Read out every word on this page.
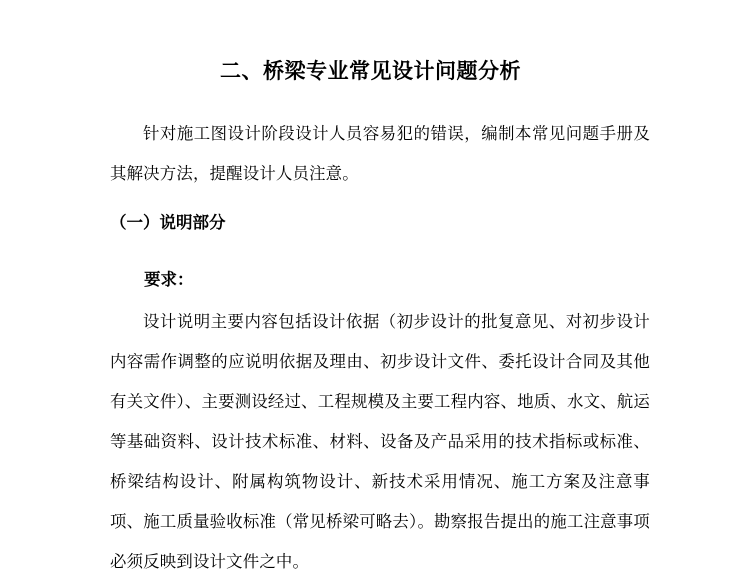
二、桥梁专业常见设计问题分析

针对施工图设计阶段设计人员容易犯的错误，编制本常见问题手册及其解决方法，提醒设计人员注意。

（一）说明部分

要求：

设计说明主要内容包括设计依据（初步设计的批复意见、对初步设计内容需作调整的应说明依据及理由、初步设计文件、委托设计合同及其他有关文件）、主要测设经过、工程规模及主要工程内容、地质、水文、航运等基础资料、设计技术标准、材料、设备及产品采用的技术指标或标准、桥梁结构设计、附属构筑物设计、新技术采用情况、施工方案及注意事项、施工质量验收标准（常见桥梁可略去）。勘察报告提出的施工注意事项必须反映到设计文件之中。
